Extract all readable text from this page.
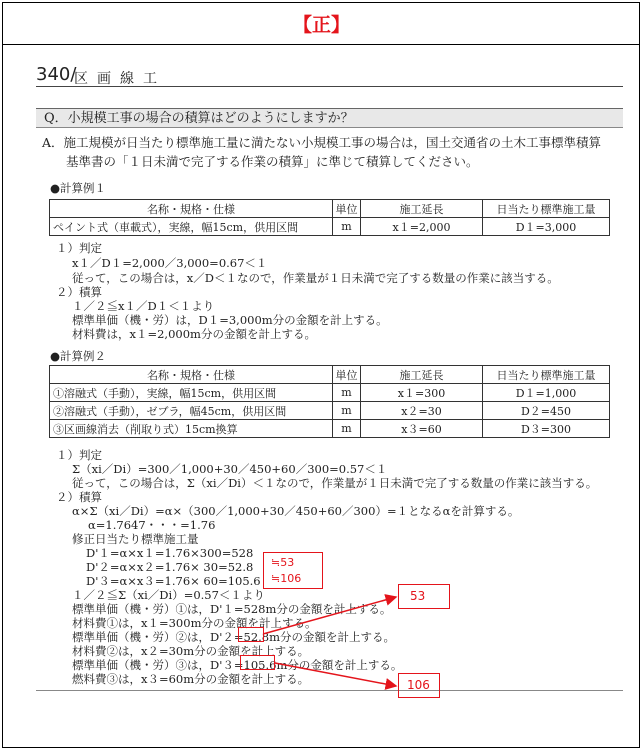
【正】
340/
区画線工
Q．小規模工事の場合の積算はどのようにしますか？
A．施工規模が日当たり標準施工量に満たない小規模工事の場合は，国土交通省の土木工事標準積算
基準書の「１日未満で完了する作業の積算」に準じて積算してください。
●計算例１
名称・規格・仕様	単位	施工延長	日当たり標準施工量
ペイント式（車載式），実線，幅15cm，供用区間	m	x１=2,000	D１=3,000
１）判定
x１／D１=2,000／3,000=0.67＜１
従って，この場合は，x／D＜１なので，作業量が１日未満で完了する数量の作業に該当する。
２）積算
１／２≦x１／D１＜１より
標準単価（機・労）は，D１=3,000m分の金額を計上する。
材料費は，x１=2,000m分の金額を計上する。
●計算例２
名称・規格・仕様	単位	施工延長	日当たり標準施工量
①溶融式（手動），実線，幅15cm，供用区間	m	x１=300	D１=1,000
②溶融式（手動），ゼブラ，幅45cm，供用区間	m	x２=30	D２=450
③区画線消去（削取り式）15cm換算	m	x３=60	D３=300
１）判定
Σ（xi／Di）=300／1,000+30／450+60／300=0.57＜１
従って，この場合は，Σ（xi／Di）＜１なので，作業量が１日未満で完了する数量の作業に該当する。
２）積算
α×Σ（xi／Di）=α×（300／1,000+30／450+60／300）=１となるαを計算する。
α=1.7647・・・=1.76
修正日当たり標準施工量
D'１=α×x１=1.76×300=528
D'２=α×x２=1.76× 30=52.8
D'３=α×x３=1.76× 60=105.6
１／２≦Σ（xi／Di）=0.57＜１より
標準単価（機・労）①は，D'１=528m分の金額を計上する。
材料費①は，x１=300m分の金額を計上する。
標準単価（機・労）②は，D'２=52.8m分の金額を計上する。
材料費②は，x２=30m分の金額を計上する。
標準単価（機・労）③は，D'３=105.6m分の金額を計上する。
燃料費③は，x３=60m分の金額を計上する。
≒53
≒106
53
106
